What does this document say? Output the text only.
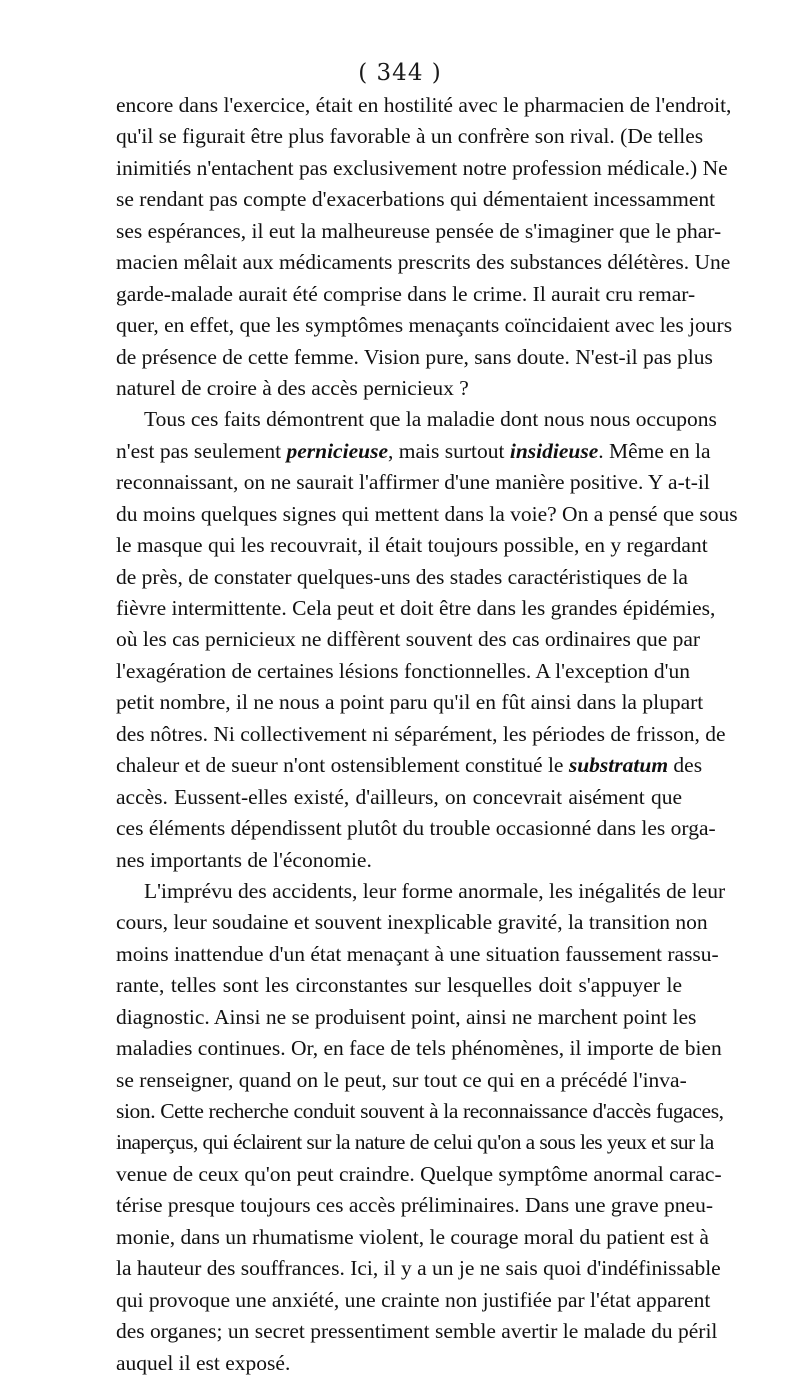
( 344 )
encore dans l'exercice, était en hostilité avec le pharmacien de l'endroit,
qu'il se figurait être plus favorable à un confrère son rival. (De telles
inimitiés n'entachent pas exclusivement notre profession médicale.) Ne
se rendant pas compte d'exacerbations qui démentaient incessamment
ses espérances, il eut la malheureuse pensée de s'imaginer que le phar-
macien mêlait aux médicaments prescrits des substances délétères. Une
garde-malade aurait été comprise dans le crime. Il aurait cru remar-
quer, en effet, que les symptômes menaçants coïncidaient avec les jours
de présence de cette femme. Vision pure, sans doute. N'est-il pas plus
naturel de croire à des accès pernicieux ?
Tous ces faits démontrent que la maladie dont nous nous occupons
n'est pas seulement pernicieuse, mais surtout insidieuse. Même en la
reconnaissant, on ne saurait l'affirmer d'une manière positive. Y a-t-il
du moins quelques signes qui mettent dans la voie? On a pensé que sous
le masque qui les recouvrait, il était toujours possible, en y regardant
de près, de constater quelques-uns des stades caractéristiques de la
fièvre intermittente. Cela peut et doit être dans les grandes épidémies,
où les cas pernicieux ne diffèrent souvent des cas ordinaires que par
l'exagération de certaines lésions fonctionnelles. A l'exception d'un
petit nombre, il ne nous a point paru qu'il en fût ainsi dans la plupart
des nôtres. Ni collectivement ni séparément, les périodes de frisson, de
chaleur et de sueur n'ont ostensiblement constitué le substratum des
accès. Eussent-elles existé, d'ailleurs, on concevrait aisément que
ces éléments dépendissent plutôt du trouble occasionné dans les orga-
nes importants de l'économie.
L'imprévu des accidents, leur forme anormale, les inégalités de leur
cours, leur soudaine et souvent inexplicable gravité, la transition non
moins inattendue d'un état menaçant à une situation faussement rassu-
rante, telles sont les circonstantes sur lesquelles doit s'appuyer le
diagnostic. Ainsi ne se produisent point, ainsi ne marchent point les
maladies continues. Or, en face de tels phénomènes, il importe de bien
se renseigner, quand on le peut, sur tout ce qui en a précédé l'inva-
sion. Cette recherche conduit souvent à la reconnaissance d'accès fugaces,
inaperçus, qui éclairent sur la nature de celui qu'on a sous les yeux et sur la
venue de ceux qu'on peut craindre. Quelque symptôme anormal carac-
térise presque toujours ces accès préliminaires. Dans une grave pneu-
monie, dans un rhumatisme violent, le courage moral du patient est à
la hauteur des souffrances. Ici, il y a un je ne sais quoi d'indéfinissable
qui provoque une anxiété, une crainte non justifiée par l'état apparent
des organes; un secret pressentiment semble avertir le malade du péril
auquel il est exposé.
